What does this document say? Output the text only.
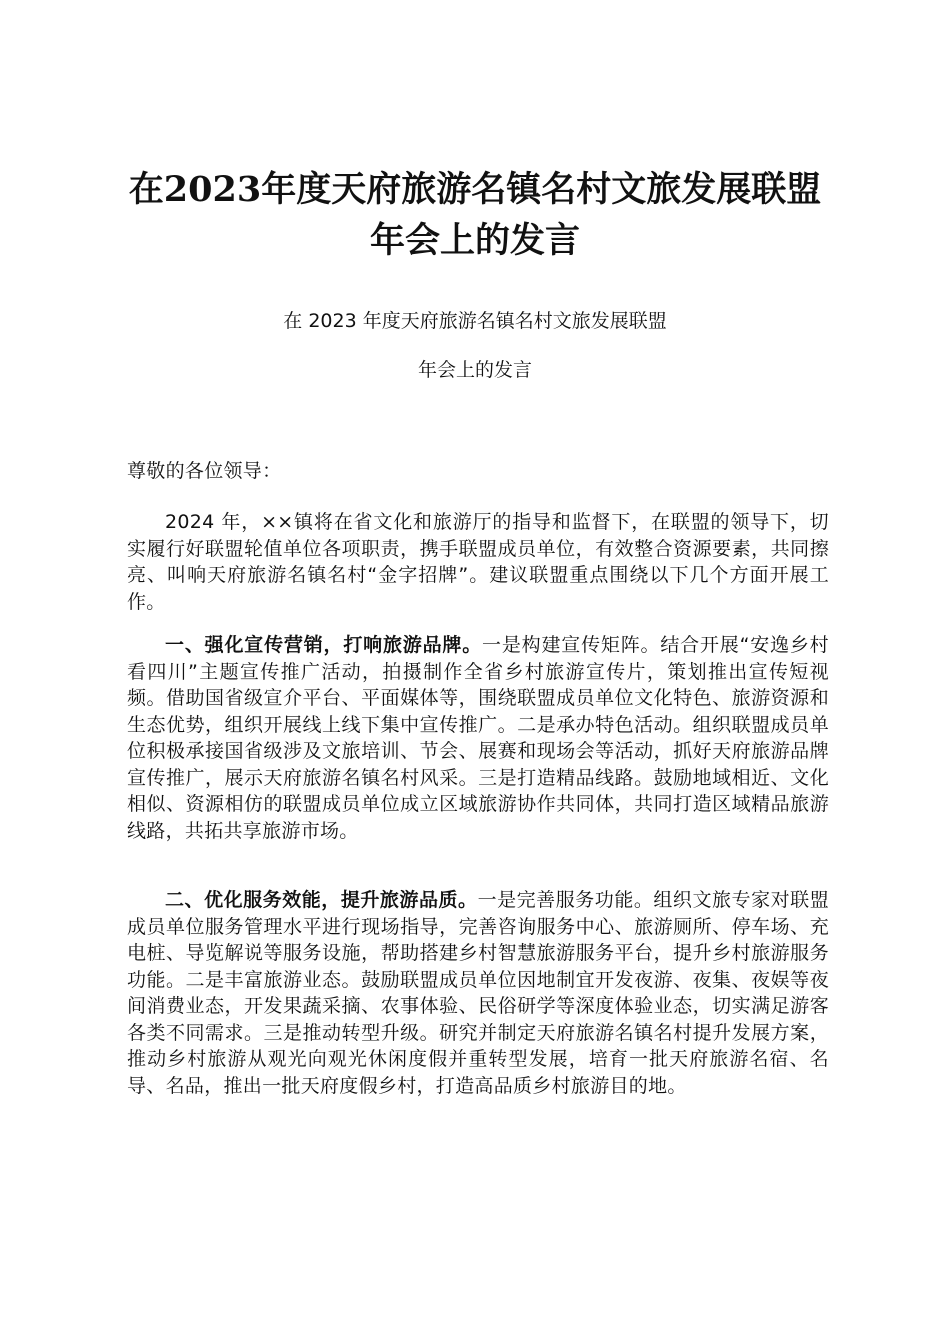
在2023年度天府旅游名镇名村文旅发展联盟
年会上的发言

在 2023 年度天府旅游名镇名村文旅发展联盟

年会上的发言

尊敬的各位领导：

2024 年，××镇将在省文化和旅游厅的指导和监督下，在联盟的领导下，切实履行好联盟轮值单位各项职责，携手联盟成员单位，有效整合资源要素，共同擦亮、叫响天府旅游名镇名村“金字招牌”。建议联盟重点围绕以下几个方面开展工作。

一、强化宣传营销，打响旅游品牌。一是构建宣传矩阵。结合开展“安逸乡村看四川”主题宣传推广活动，拍摄制作全省乡村旅游宣传片，策划推出宣传短视频。借助国省级宣介平台、平面媒体等，围绕联盟成员单位文化特色、旅游资源和生态优势，组织开展线上线下集中宣传推广。二是承办特色活动。组织联盟成员单位积极承接国省级涉及文旅培训、节会、展赛和现场会等活动，抓好天府旅游品牌宣传推广，展示天府旅游名镇名村风采。三是打造精品线路。鼓励地域相近、文化相似、资源相仿的联盟成员单位成立区域旅游协作共同体，共同打造区域精品旅游线路，共拓共享旅游市场。

二、优化服务效能，提升旅游品质。一是完善服务功能。组织文旅专家对联盟成员单位服务管理水平进行现场指导，完善咨询服务中心、旅游厕所、停车场、充电桩、导览解说等服务设施，帮助搭建乡村智慧旅游服务平台，提升乡村旅游服务功能。二是丰富旅游业态。鼓励联盟成员单位因地制宜开发夜游、夜集、夜娱等夜间消费业态，开发果蔬采摘、农事体验、民俗研学等深度体验业态，切实满足游客各类不同需求。三是推动转型升级。研究并制定天府旅游名镇名村提升发展方案，推动乡村旅游从观光向观光休闲度假并重转型发展，培育一批天府旅游名宿、名导、名品，推出一批天府度假乡村，打造高品质乡村旅游目的地。
